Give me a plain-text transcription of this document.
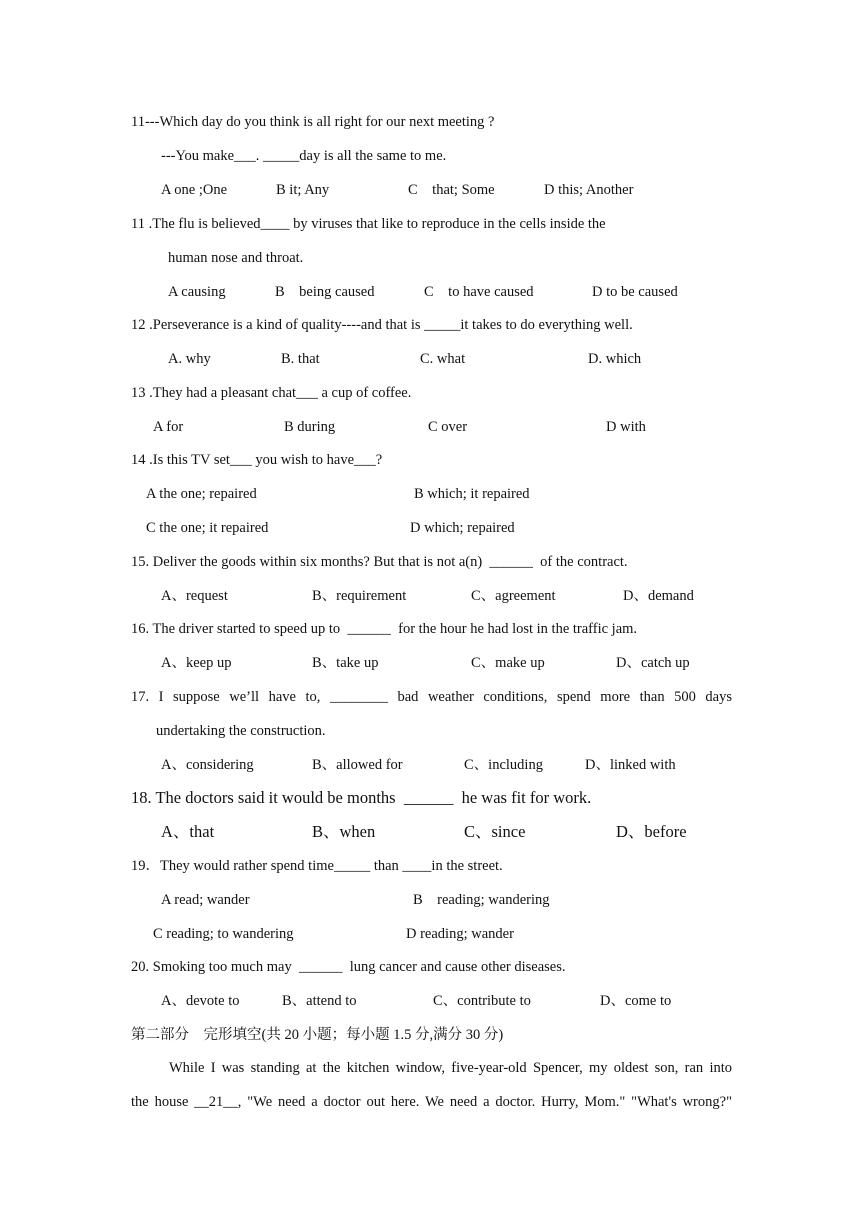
11---Which day do you think is all right for our next meeting ?
---You make___. _____day is all the same to me.
A one ;One	B it; Any	C    that; Some	D this; Another
11 .The flu is believed____ by viruses that like to reproduce in the cells inside the
human nose and throat.
A causing	B    being caused	C    to have caused	D to be caused
12 .Perseverance is a kind of quality----and that is _____it takes to do everything well.
A. why	B. that	C. what	D. which
13 .They had a pleasant chat___ a cup of coffee.
A for	B during	C over	D with
14 .Is this TV set___ you wish to have___?
A the one; repaired	B which; it repaired
C the one; it repaired	D which; repaired
15. Deliver the goods within six months? But that is not a(n)  ______  of the contract.
A、request	B、requirement	C、agreement	D、demand
16. The driver started to speed up to  ______  for the hour he had lost in the traffic jam.
A、keep up	B、take up	C、make up	D、catch up
17. I suppose we’ll have to, ________ bad weather conditions, spend more than 500 days
undertaking the construction.
A、considering	B、allowed for	C、including	D、linked with
18. The doctors said it would be months  ______  he was fit for work.
A、that	B、when	C、since	D、before
19．They would rather spend time_____ than ____in the street.
A read; wander	B    reading; wandering
C reading; to wandering	D reading; wander
20. Smoking too much may  ______  lung cancer and cause other diseases.
A、devote to	B、attend to	C、contribute to	D、come to
第二部分    完形填空(共 20 小题；每小题 1.5 分,满分 30 分)
While I was standing at the kitchen window, five-year-old Spencer, my oldest son, ran into
the house __21__, "We need a doctor out here. We need a doctor. Hurry, Mom." "What's wrong?"
